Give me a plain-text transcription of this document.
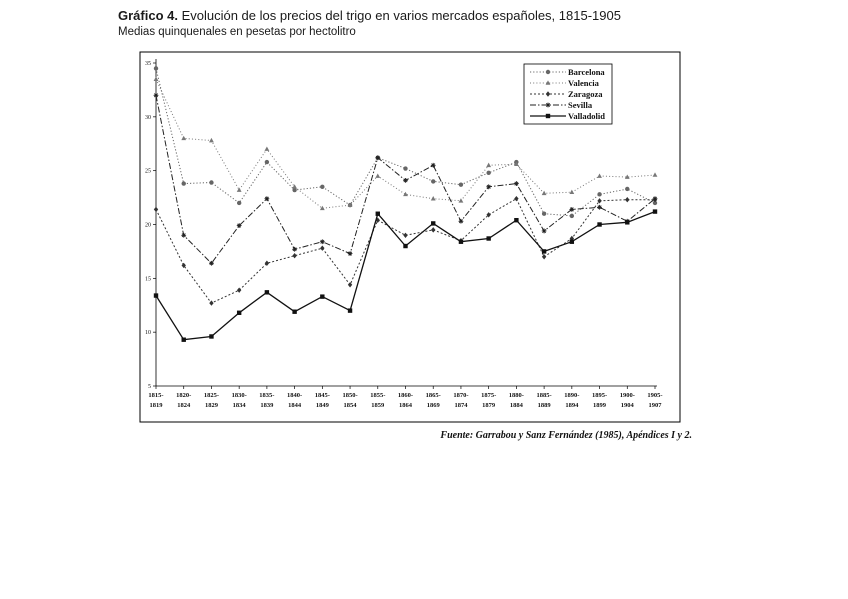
Gráfico 4. Evolución de los precios del trigo en varios mercados españoles, 1815-1905
Medias quinquenales en pesetas por hectolitro
5
10
15
20
25
30
35
1815-
1819
1820-
1824
1825-
1829
1830-
1834
1835-
1839
1840-
1844
1845-
1849
1850-
1854
1855-
1859
1860-
1864
1865-
1869
1870-
1874
1875-
1879
1880-
1884
1885-
1889
1890-
1894
1895-
1899
1900-
1904
1905-
1907
Barcelona
Valencia
Zaragoza
Sevilla
Valladolid
Fuente: Garrabou y Sanz Fernández (1985), Apéndices I y 2.
